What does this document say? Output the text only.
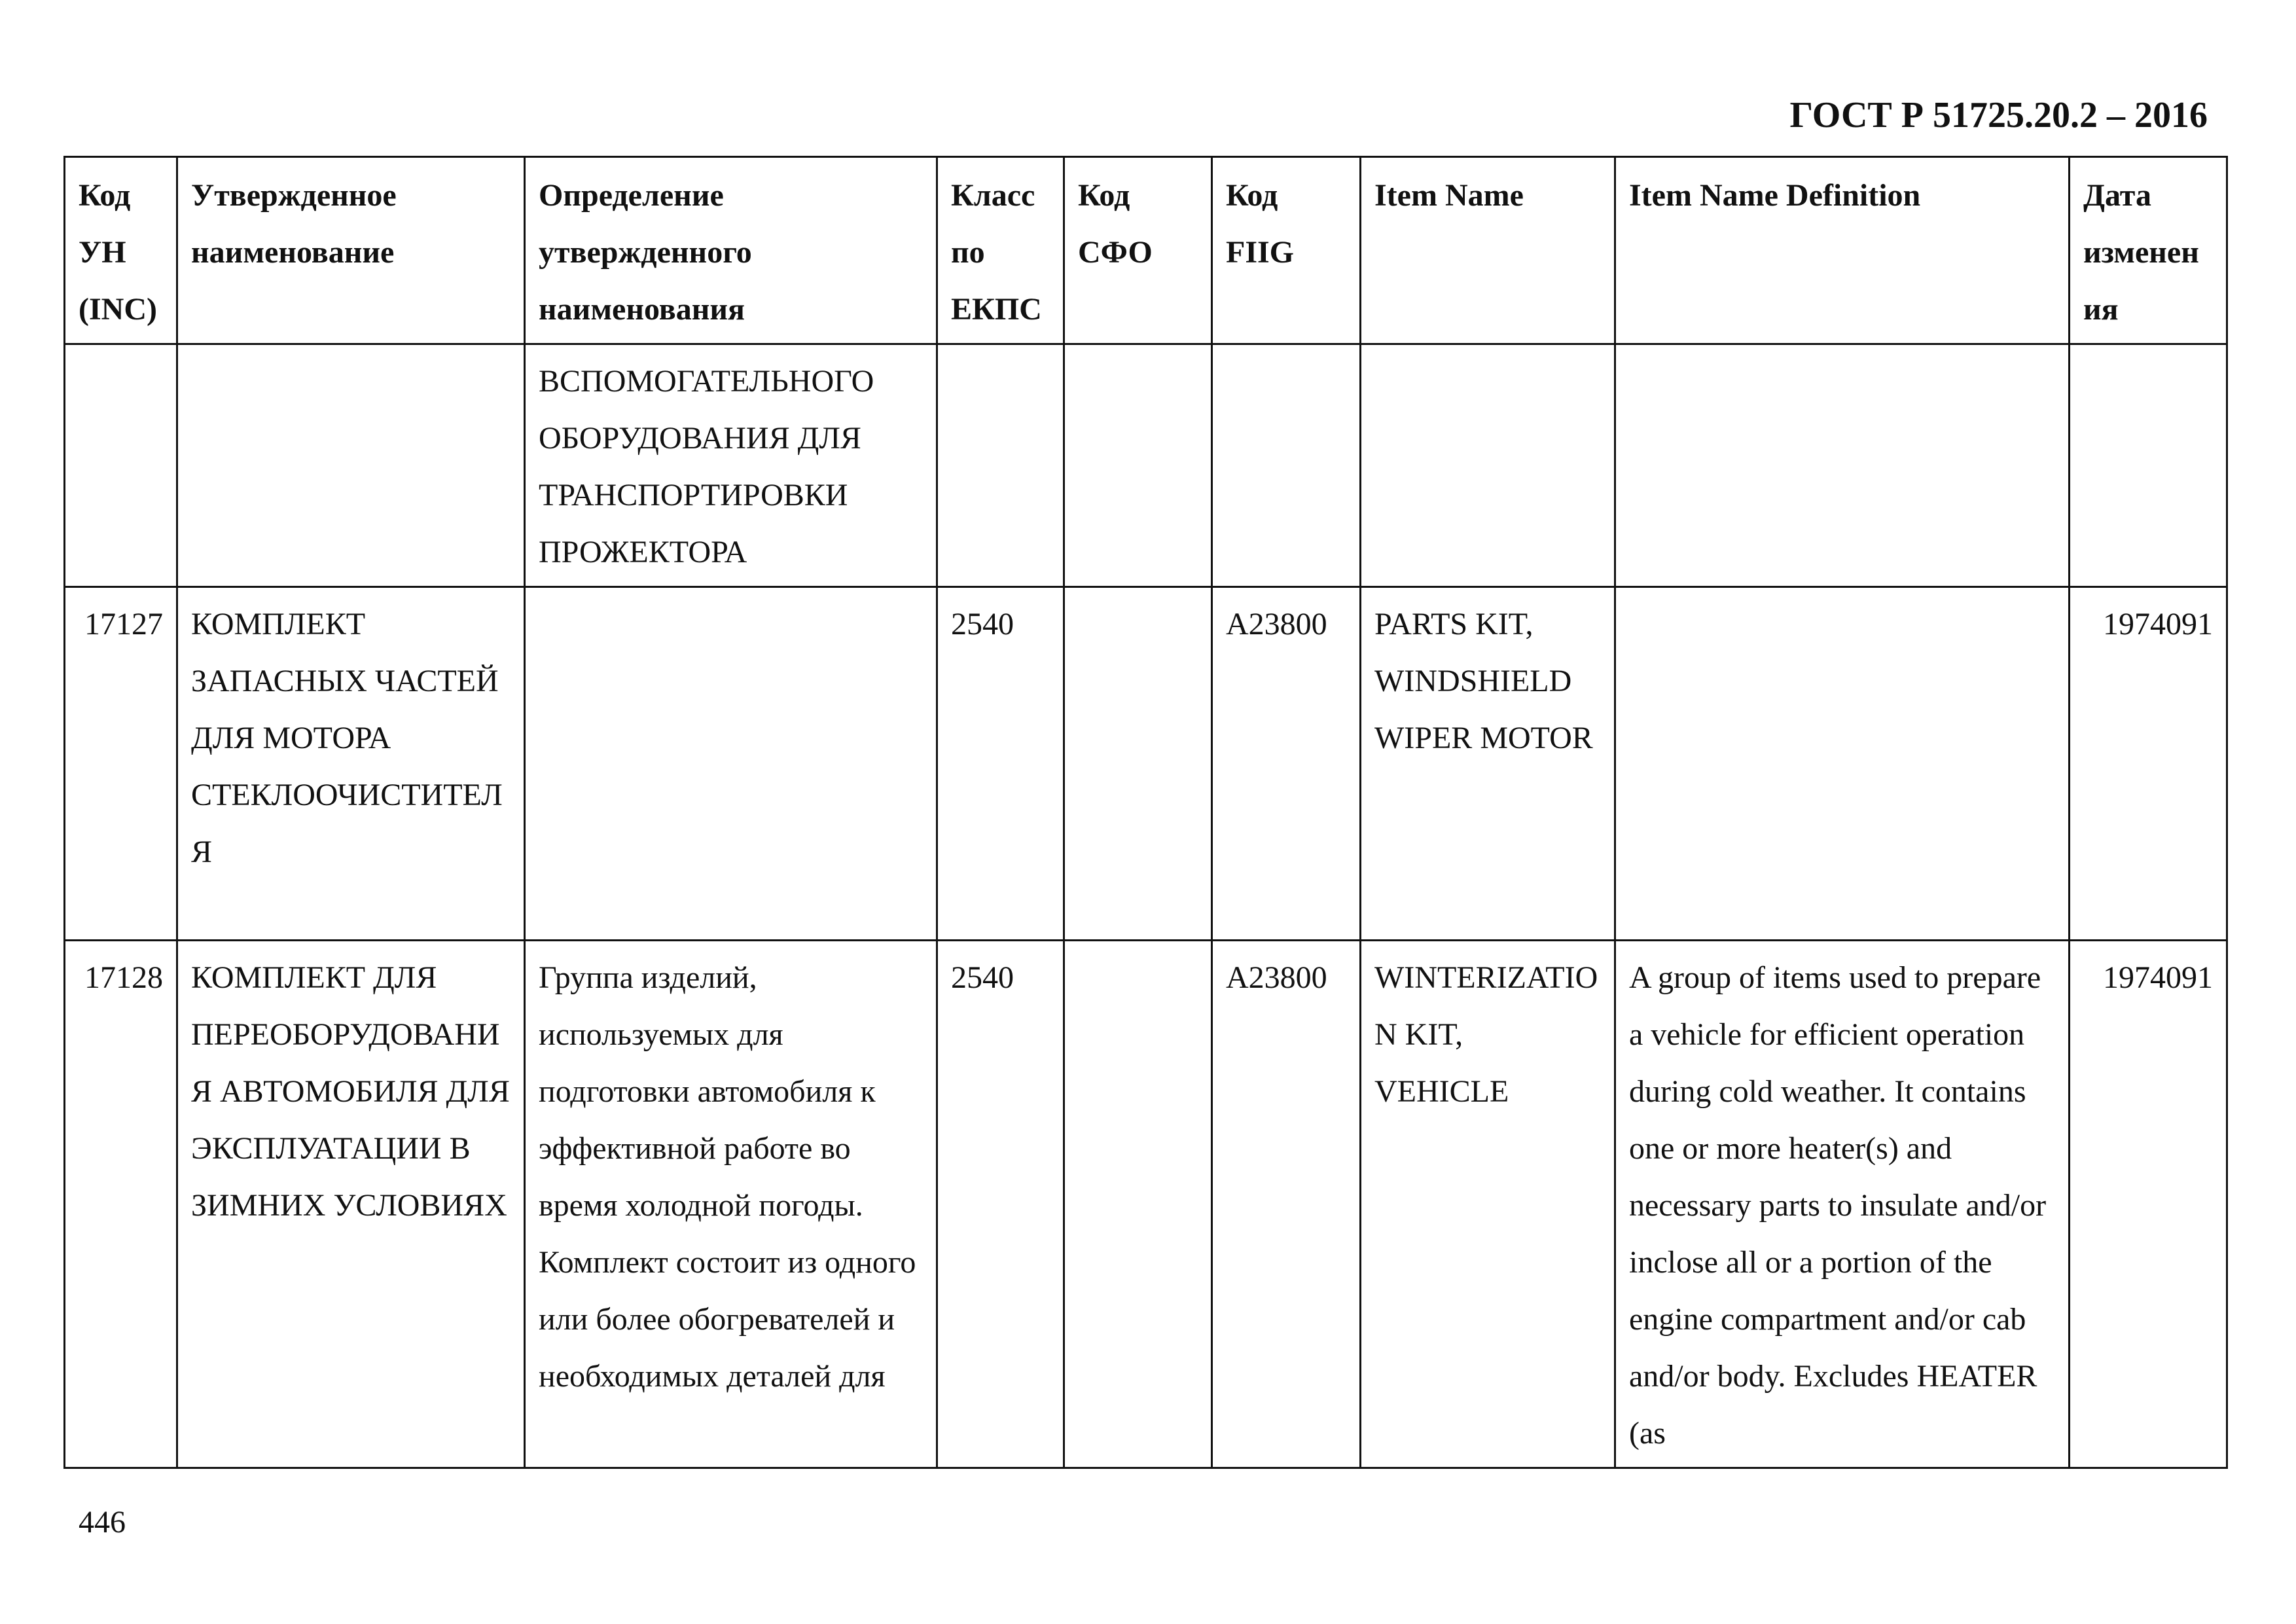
ГОСТ Р 51725.20.2 – 2016
Код УН (INC)	Утвержденное наименование	Определение утвержденного наименования	Класс по ЕКПС	Код СФО	Код FIIG	Item Name	Item Name Definition	Дата изменения
		ВСПОМОГАТЕЛЬНОГО ОБОРУДОВАНИЯ ДЛЯ ТРАНСПОРТИРОВКИ ПРОЖЕКТОРА						
17127	КОМПЛЕКТ ЗАПАСНЫХ ЧАСТЕЙ ДЛЯ МОТОРА СТЕКЛООЧИСТИТЕЛЯ		2540		A23800	PARTS KIT, WINDSHIELD WIPER MOTOR		1974091
17128	КОМПЛЕКТ ДЛЯ ПЕРЕОБОРУДОВАНИЯ АВТОМОБИЛЯ ДЛЯ ЭКСПЛУАТАЦИИ В ЗИМНИХ УСЛОВИЯХ	Группа изделий, используемых для подготовки автомобиля к эффективной работе во время холодной погоды. Комплект состоит из одного или более обогревателей и необходимых деталей для	2540		A23800	WINTERIZATION KIT, VEHICLE	A group of items used to prepare a vehicle for efficient operation during cold weather. It contains one or more heater(s) and necessary parts to insulate and/or inclose all or a portion of the engine compartment and/or cab and/or body. Excludes HEATER (as	1974091
446
